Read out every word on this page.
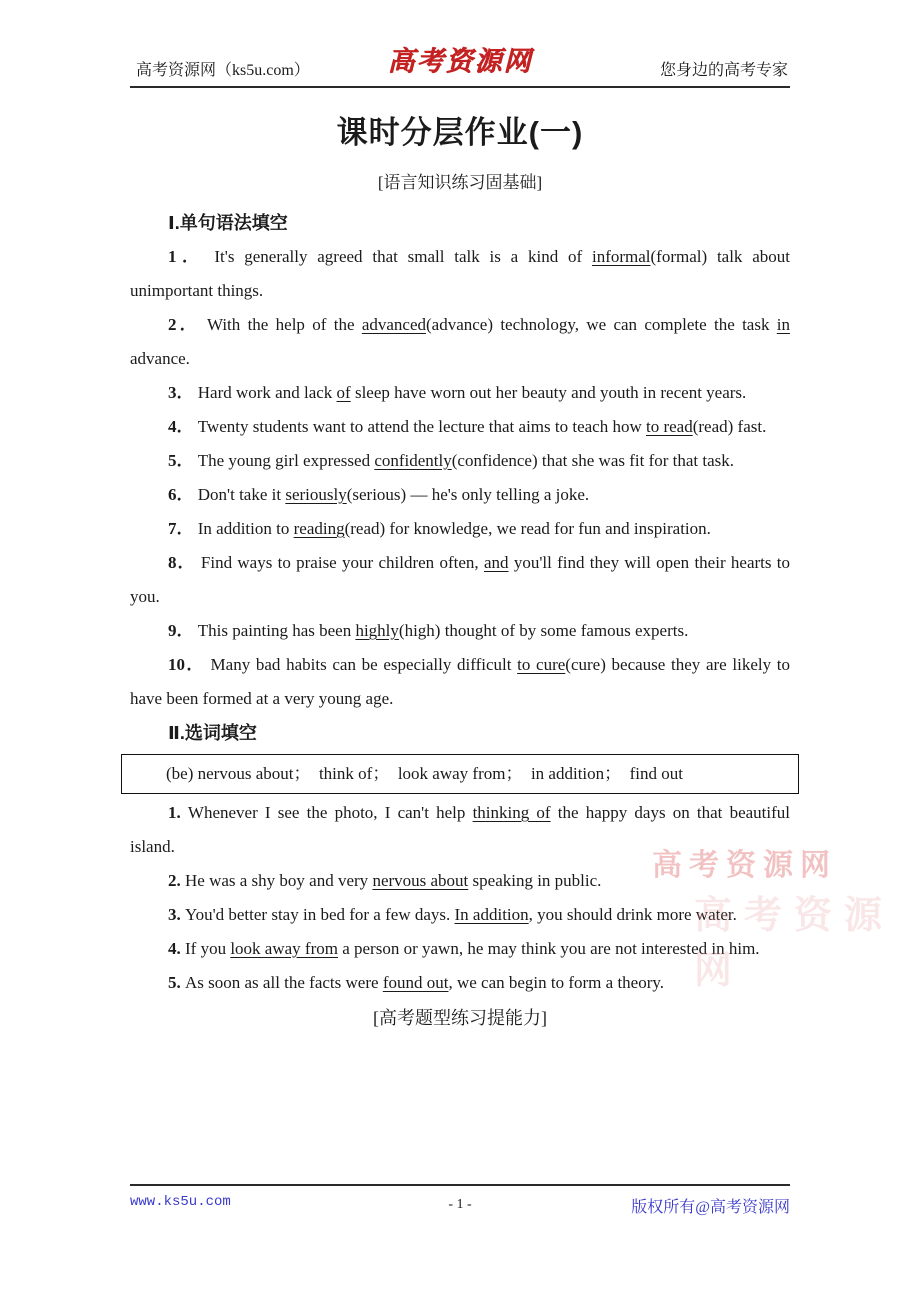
高考资源网（ks5u.com）	高考资源网	您身边的高考专家
课时分层作业(一)
[语言知识练习固基础]

Ⅰ.单句语法填空

1． It's generally agreed that small talk is a kind of informal(formal) talk about unimportant things.

2． With the help of the advanced(advance) technology, we can complete the task in advance.

3． Hard work and lack of sleep have worn out her beauty and youth in recent years.

4． Twenty students want to attend the lecture that aims to teach how to read(read) fast.

5． The young girl expressed confidently(confidence) that she was fit for that task.

6． Don't take it seriously(serious) — he's only telling a joke.

7． In addition to reading(read) for knowledge, we read for fun and inspiration.

8． Find ways to praise your children often, and you'll find they will open their hearts to you.

9． This painting has been highly(high) thought of by some famous experts.

10． Many bad habits can be especially difficult to cure(cure) because they are likely to have been formed at a very young age.

Ⅱ.选词填空

(be) nervous about；  think of；  look away from；  in addition；  find out

1. Whenever I see the photo, I can't help thinking of the happy days on that beautiful island.

2. He was a shy boy and very nervous about speaking in public.

3. You'd better stay in bed for a few days. In addition, you should drink more water.

4. If you look away from a person or yawn, he may think you are not interested in him.

5. As soon as all the facts were found out, we can begin to form a theory.

[高考题型练习提能力]

高考资源网
高考资源网
www.ks5u.com	- 1 -	版权所有@高考资源网
